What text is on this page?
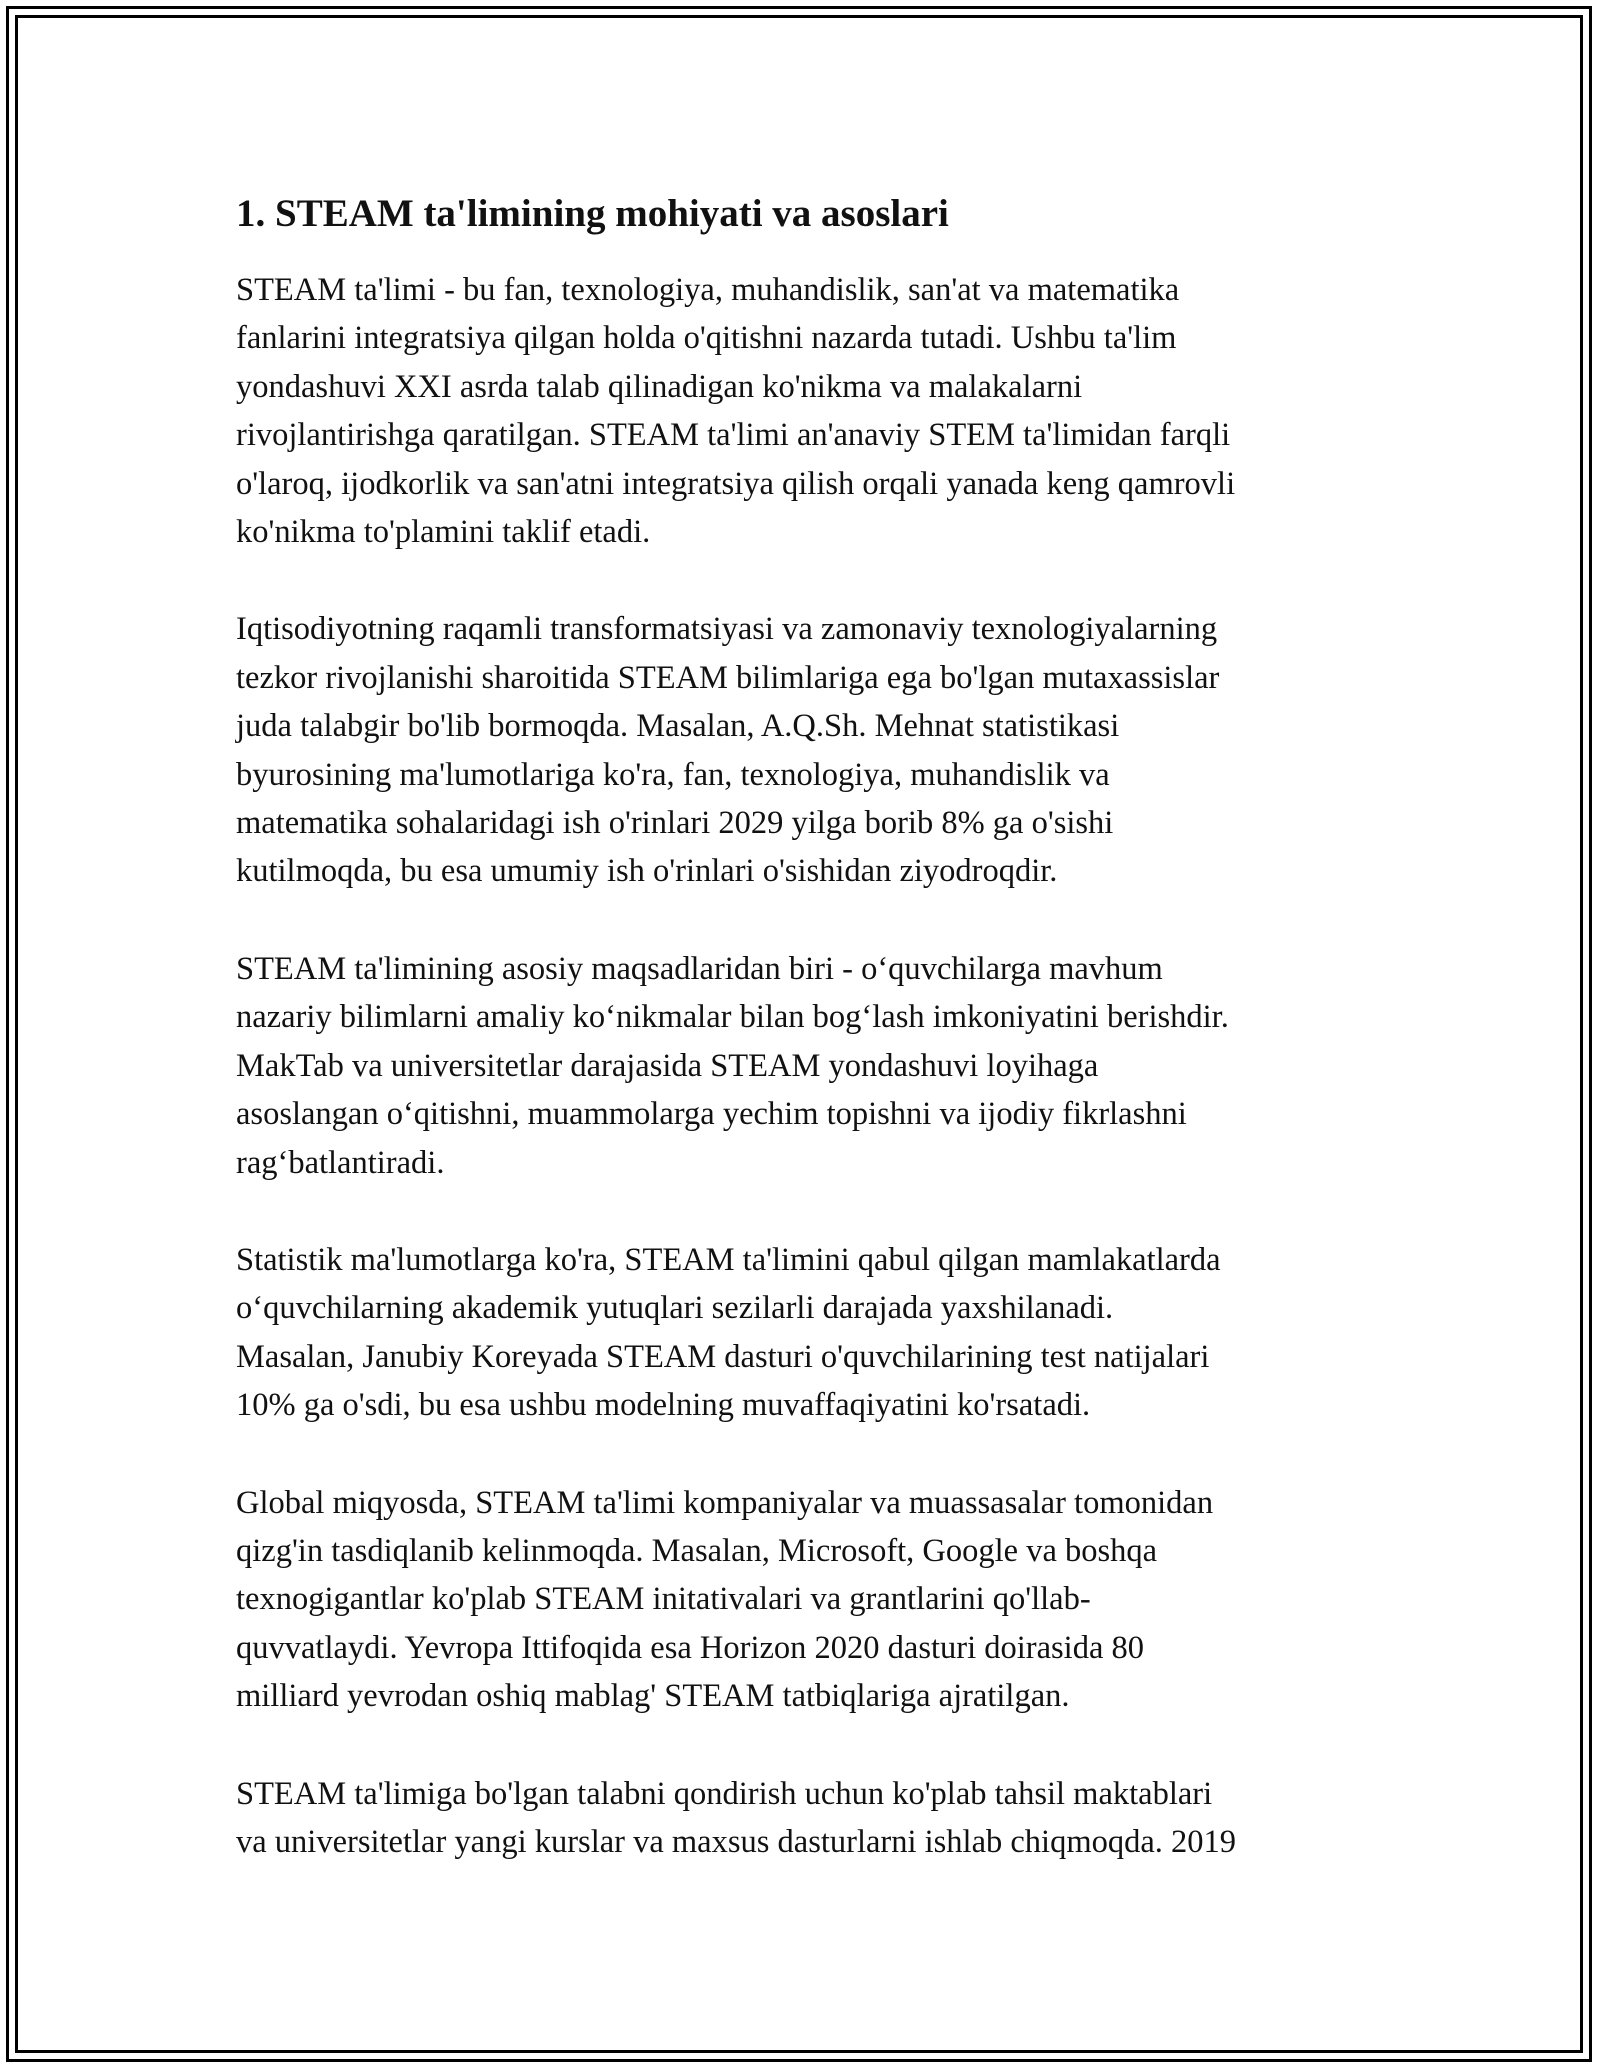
1. STEAM ta'limining mohiyati va asoslari

STEAM ta'limi - bu fan, texnologiya, muhandislik, san'at va matematika
fanlarini integratsiya qilgan holda o'qitishni nazarda tutadi. Ushbu ta'lim
yondashuvi XXI asrda talab qilinadigan ko'nikma va malakalarni
rivojlantirishga qaratilgan. STEAM ta'limi an'anaviy STEM ta'limidan farqli
o'laroq, ijodkorlik va san'atni integratsiya qilish orqali yanada keng qamrovli
ko'nikma to'plamini taklif etadi.

Iqtisodiyotning raqamli transformatsiyasi va zamonaviy texnologiyalarning
tezkor rivojlanishi sharoitida STEAM bilimlariga ega bo'lgan mutaxassislar
juda talabgir bo'lib bormoqda. Masalan, A.Q.Sh. Mehnat statistikasi
byurosining ma'lumotlariga ko'ra, fan, texnologiya, muhandislik va
matematika sohalaridagi ish o'rinlari 2029 yilga borib 8% ga o'sishi
kutilmoqda, bu esa umumiy ish o'rinlari o'sishidan ziyodroqdir.

STEAM ta'limining asosiy maqsadlaridan biri - o‘quvchilarga mavhum
nazariy bilimlarni amaliy ko‘nikmalar bilan bog‘lash imkoniyatini berishdir.
MakTab va universitetlar darajasida STEAM yondashuvi loyihaga
asoslangan o‘qitishni, muammolarga yechim topishni va ijodiy fikrlashni
rag‘batlantiradi.

Statistik ma'lumotlarga ko'ra, STEAM ta'limini qabul qilgan mamlakatlarda
o‘quvchilarning akademik yutuqlari sezilarli darajada yaxshilanadi.
Masalan, Janubiy Koreyada STEAM dasturi o'quvchilarining test natijalari
10% ga o'sdi, bu esa ushbu modelning muvaffaqiyatini ko'rsatadi.

Global miqyosda, STEAM ta'limi kompaniyalar va muassasalar tomonidan
qizg'in tasdiqlanib kelinmoqda. Masalan, Microsoft, Google va boshqa
texnogigantlar ko'plab STEAM initativalari va grantlarini qo'llab-
quvvatlaydi. Yevropa Ittifoqida esa Horizon 2020 dasturi doirasida 80
milliard yevrodan oshiq mablag' STEAM tatbiqlariga ajratilgan.

STEAM ta'limiga bo'lgan talabni qondirish uchun ko'plab tahsil maktablari
va universitetlar yangi kurslar va maxsus dasturlarni ishlab chiqmoqda. 2019
